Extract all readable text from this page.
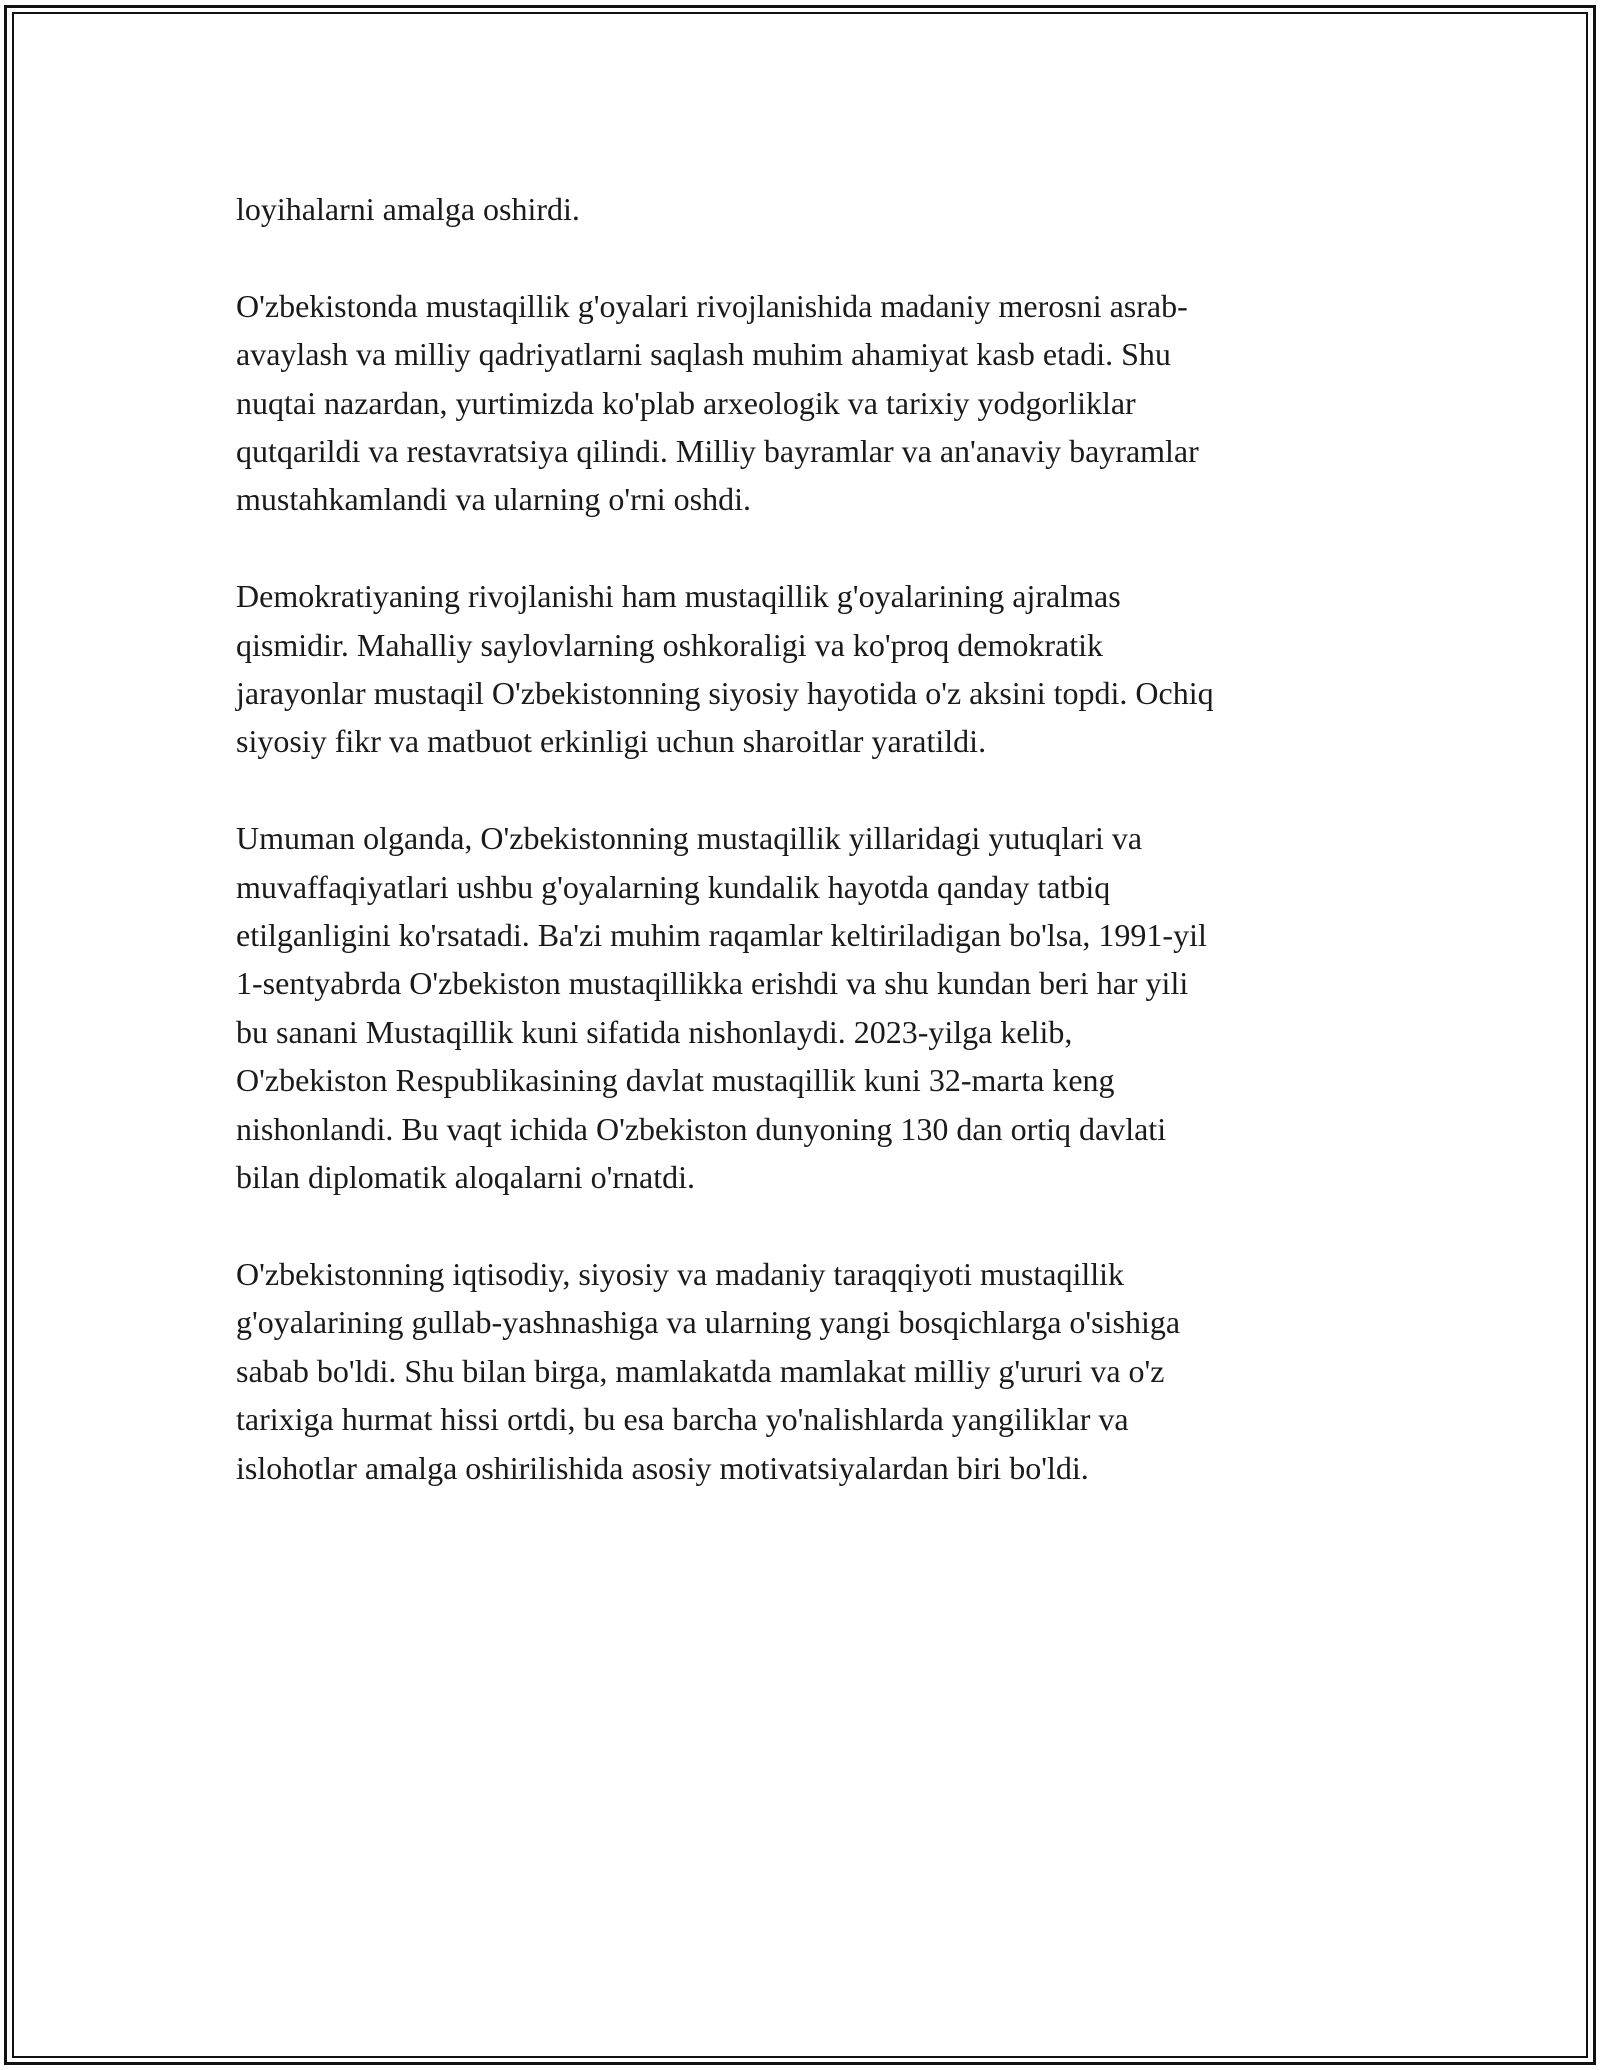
loyihalarni amalga oshirdi.

O'zbekistonda mustaqillik g'oyalari rivojlanishida madaniy merosni asrab-
avaylash va milliy qadriyatlarni saqlash muhim ahamiyat kasb etadi. Shu
nuqtai nazardan, yurtimizda ko'plab arxeologik va tarixiy yodgorliklar
qutqarildi va restavratsiya qilindi. Milliy bayramlar va an'anaviy bayramlar
mustahkamlandi va ularning o'rni oshdi.

Demokratiyaning rivojlanishi ham mustaqillik g'oyalarining ajralmas
qismidir. Mahalliy saylovlarning oshkoraligi va ko'proq demokratik
jarayonlar mustaqil O'zbekistonning siyosiy hayotida o'z aksini topdi. Ochiq
siyosiy fikr va matbuot erkinligi uchun sharoitlar yaratildi.

Umuman olganda, O'zbekistonning mustaqillik yillaridagi yutuqlari va
muvaffaqiyatlari ushbu g'oyalarning kundalik hayotda qanday tatbiq
etilganligini ko'rsatadi. Ba'zi muhim raqamlar keltiriladigan bo'lsa, 1991-yil
1-sentyabrda O'zbekiston mustaqillikka erishdi va shu kundan beri har yili
bu sanani Mustaqillik kuni sifatida nishonlaydi. 2023-yilga kelib,
O'zbekiston Respublikasining davlat mustaqillik kuni 32-marta keng
nishonlandi. Bu vaqt ichida O'zbekiston dunyoning 130 dan ortiq davlati
bilan diplomatik aloqalarni o'rnatdi.

O'zbekistonning iqtisodiy, siyosiy va madaniy taraqqiyoti mustaqillik
g'oyalarining gullab-yashnashiga va ularning yangi bosqichlarga o'sishiga
sabab bo'ldi. Shu bilan birga, mamlakatda mamlakat milliy g'ururi va o'z
tarixiga hurmat hissi ortdi, bu esa barcha yo'nalishlarda yangiliklar va
islohotlar amalga oshirilishida asosiy motivatsiyalardan biri bo'ldi.
